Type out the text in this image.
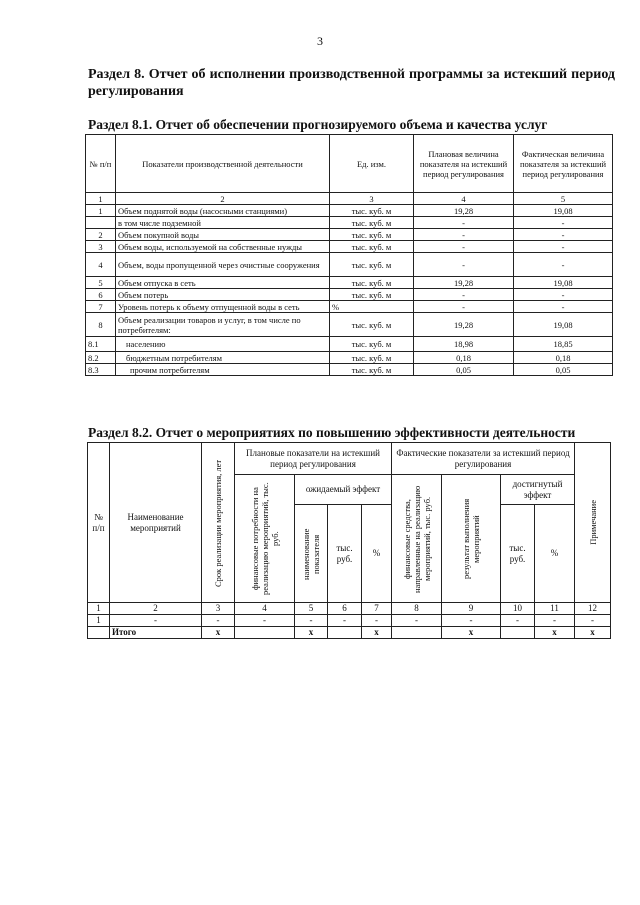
3
Раздел 8. Отчет об исполнении производственной программы за истекший период регулирования
Раздел 8.1. Отчет об обеспечении прогнозируемого объема и качества услуг
№ п/п	Показатели производственной деятельности	Ед. изм.	Плановая величина показателя на истекший период регулирования	Фактическая величина показателя за истекший период регулирования
1	2	3	4	5
1	Объем поднятой воды (насосными станциями)	тыс. куб. м	19,28	19,08
	в том числе подземной	тыс. куб. м	-	-
2	Объем покупной воды	тыс. куб. м	-	-
3	Объем воды, используемой на собственные нужды	тыс. куб. м	-	-
4	Объем, воды пропущенной через очистные сооружения	тыс. куб. м	-	-
5	Объем отпуска в сеть	тыс. куб. м	19,28	19,08
6	Объем потерь	тыс. куб. м	-	-
7	Уровень потерь к объему отпущенной воды в сеть	%	-	-
8	Объем реализации товаров и услуг, в том числе по потребителям:	тыс. куб. м	19,28	19,08
8.1	населению	тыс. куб. м	18,98	18,85
8.2	бюджетным потребителям	тыс. куб. м	0,18	0,18
8.3	прочим потребителям	тыс. куб. м	0,05	0,05
Раздел 8.2. Отчет о мероприятиях по повышению эффективности деятельности
№ п/п	Наименование мероприятий	Срок реализации мероприятия, лет	Плановые показатели на истекший период регулирования				Фактические показатели за истекший период регулирования				Примечание

			финансовые потребности на реализацию мероприятий, тыс. руб.	ожидаемый эффект			финансовые средства, направленные на реализацию мероприятий, тыс. руб.	результат выполнения мероприятий	достигнутый эффект		

				наименование показателя	тыс. руб.	%			тыс. руб.	%	

1	2	3	4	5	6	7	8	9	10	11	12
1	-	-	-	-	-	-	-	-	-	-	-
	Итого	x		x		x		x		x	x
